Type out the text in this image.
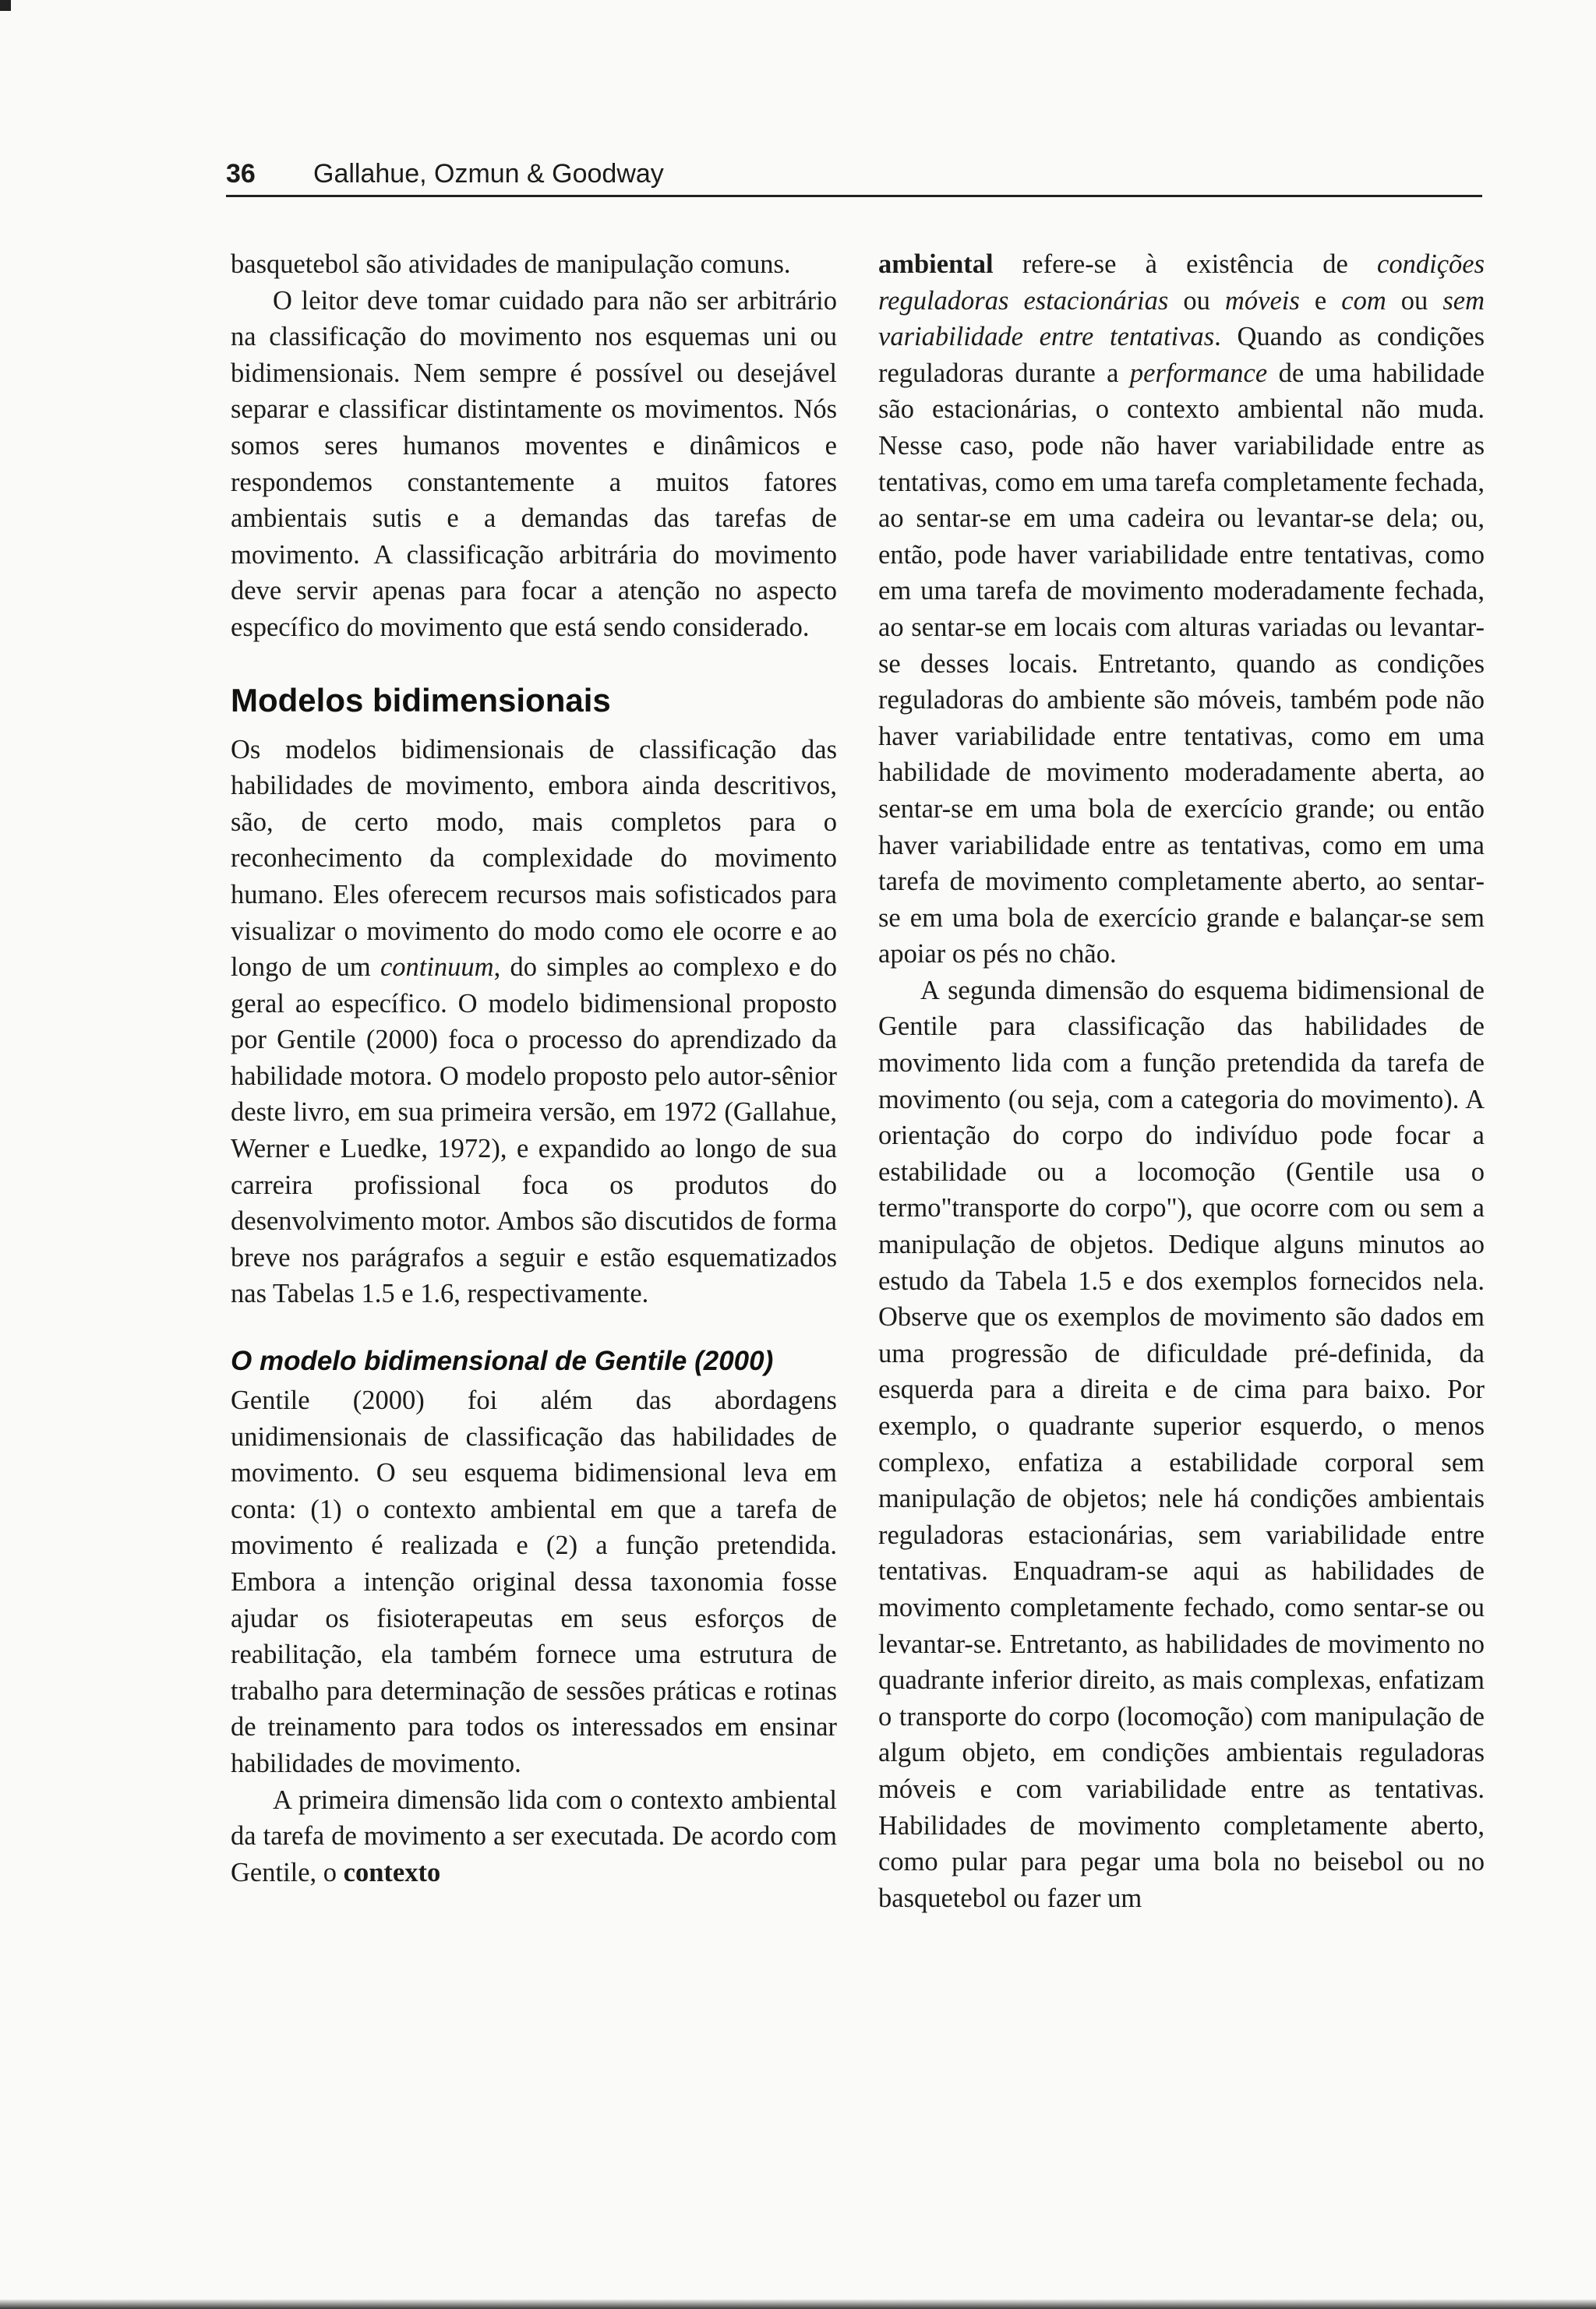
36 Gallahue, Ozmun & Goodway

basquetebol são atividades de manipulação comuns.

O leitor deve tomar cuidado para não ser arbitrário na classificação do movimento nos esquemas uni ou bidimensionais. Nem sempre é possível ou desejável separar e classificar distintamente os movimentos. Nós somos seres humanos moventes e dinâmicos e respondemos constantemente a muitos fatores ambientais sutis e a demandas das tarefas de movimento. A classificação arbitrária do movimento deve servir apenas para focar a atenção no aspecto específico do movimento que está sendo considerado.

Modelos bidimensionais

Os modelos bidimensionais de classificação das habilidades de movimento, embora ainda descritivos, são, de certo modo, mais completos para o reconhecimento da complexidade do movimento humano. Eles oferecem recursos mais sofisticados para visualizar o movimento do modo como ele ocorre e ao longo de um continuum, do simples ao complexo e do geral ao específico. O modelo bidimensional proposto por Gentile (2000) foca o processo do aprendizado da habilidade motora. O modelo proposto pelo autor-sênior deste livro, em sua primeira versão, em 1972 (Gallahue, Werner e Luedke, 1972), e expandido ao longo de sua carreira profissional foca os produtos do desenvolvimento motor. Ambos são discutidos de forma breve nos parágrafos a seguir e estão esquematizados nas Tabelas 1.5 e 1.6, respectivamente.

O modelo bidimensional de Gentile (2000)

Gentile (2000) foi além das abordagens unidimensionais de classificação das habilidades de movimento. O seu esquema bidimensional leva em conta: (1) o contexto ambiental em que a tarefa de movimento é realizada e (2) a função pretendida. Embora a intenção original dessa taxonomia fosse ajudar os fisioterapeutas em seus esforços de reabilitação, ela também fornece uma estrutura de trabalho para determinação de sessões práticas e rotinas de treinamento para todos os interessados em ensinar habilidades de movimento.

A primeira dimensão lida com o contexto ambiental da tarefa de movimento a ser executada. De acordo com Gentile, o contexto

ambiental refere-se à existência de condições reguladoras estacionárias ou móveis e com ou sem variabilidade entre tentativas. Quando as condições reguladoras durante a performance de uma habilidade são estacionárias, o contexto ambiental não muda. Nesse caso, pode não haver variabilidade entre as tentativas, como em uma tarefa completamente fechada, ao sentar-se em uma cadeira ou levantar-se dela; ou, então, pode haver variabilidade entre tentativas, como em uma tarefa de movimento moderadamente fechada, ao sentar-se em locais com alturas variadas ou levantar-se desses locais. Entretanto, quando as condições reguladoras do ambiente são móveis, também pode não haver variabilidade entre tentativas, como em uma habilidade de movimento moderadamente aberta, ao sentar-se em uma bola de exercício grande; ou então haver variabilidade entre as tentativas, como em uma tarefa de movimento completamente aberto, ao sentar-se em uma bola de exercício grande e balançar-se sem apoiar os pés no chão.

A segunda dimensão do esquema bidimensional de Gentile para classificação das habilidades de movimento lida com a função pretendida da tarefa de movimento (ou seja, com a categoria do movimento). A orientação do corpo do indivíduo pode focar a estabilidade ou a locomoção (Gentile usa o termo"transporte do corpo"), que ocorre com ou sem a manipulação de objetos. Dedique alguns minutos ao estudo da Tabela 1.5 e dos exemplos fornecidos nela. Observe que os exemplos de movimento são dados em uma progressão de dificuldade pré-definida, da esquerda para a direita e de cima para baixo. Por exemplo, o quadrante superior esquerdo, o menos complexo, enfatiza a estabilidade corporal sem manipulação de objetos; nele há condições ambientais reguladoras estacionárias, sem variabilidade entre tentativas. Enquadram-se aqui as habilidades de movimento completamente fechado, como sentar-se ou levantar-se. Entretanto, as habilidades de movimento no quadrante inferior direito, as mais complexas, enfatizam o transporte do corpo (locomoção) com manipulação de algum objeto, em condições ambientais reguladoras móveis e com variabilidade entre as tentativas. Habilidades de movimento completamente aberto, como pular para pegar uma bola no beisebol ou no basquetebol ou fazer um
